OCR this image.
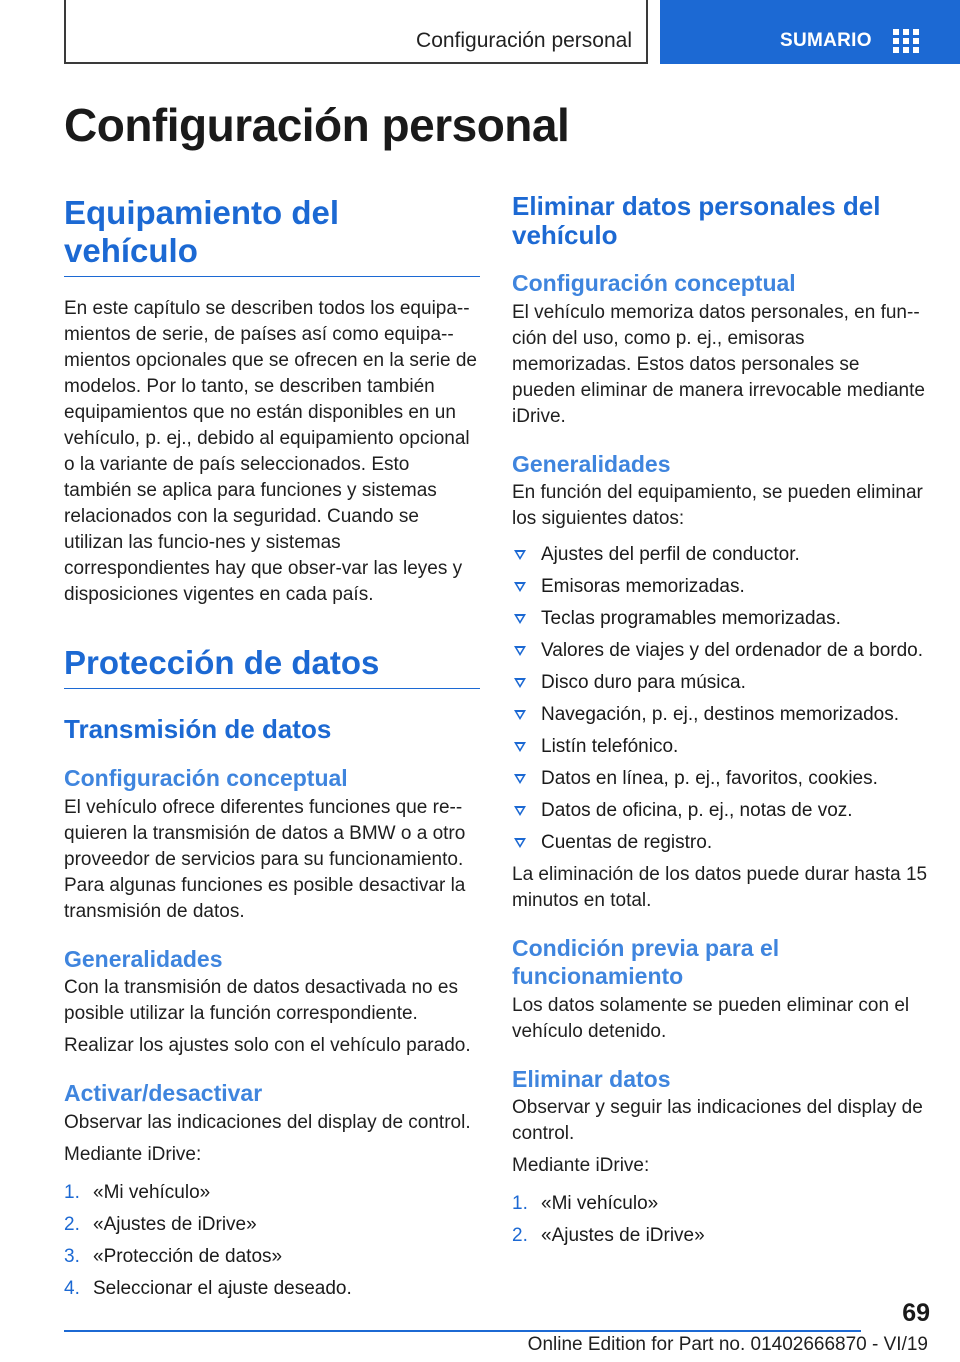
Configuración personal	SUMARIO
Configuración personal
Equipamiento del vehículo

En este capítulo se describen todos los equipa-mientos de serie, de países así como equipa-mientos opcionales que se ofrecen en la serie de modelos. Por lo tanto, se describen también equipamientos que no están disponibles en un vehículo, p. ej., debido al equipamiento opcional o la variante de país seleccionados. Esto también se aplica para funciones y sistemas relacionados con la seguridad. Cuando se utilizan las funcio-nes y sistemas correspondientes hay que obser-var las leyes y disposiciones vigentes en cada país.

Protección de datos
Transmisión de datos
Configuración conceptual

El vehículo ofrece diferentes funciones que re-quieren la transmisión de datos a BMW o a otro proveedor de servicios para su funcionamiento. Para algunas funciones es posible desactivar la transmisión de datos.

Generalidades

Con la transmisión de datos desactivada no es posible utilizar la función correspondiente.

Realizar los ajustes solo con el vehículo parado.

Activar/desactivar

Observar las indicaciones del display de control.

Mediante iDrive:

1. «Mi vehículo»
2. «Ajustes de iDrive»
3. «Protección de datos»
4. Seleccionar el ajuste deseado.
Eliminar datos personales del vehículo
Configuración conceptual

El vehículo memoriza datos personales, en fun-ción del uso, como p. ej., emisoras memorizadas. Estos datos personales se pueden eliminar de manera irrevocable mediante iDrive.

Generalidades

En función del equipamiento, se pueden eliminar los siguientes datos:

Ajustes del perfil de conductor.
Emisoras memorizadas.
Teclas programables memorizadas.
Valores de viajes y del ordenador de a bordo.
Disco duro para música.
Navegación, p. ej., destinos memorizados.
Listín telefónico.
Datos en línea, p. ej., favoritos, cookies.
Datos de oficina, p. ej., notas de voz.
Cuentas de registro.

La eliminación de los datos puede durar hasta 15 minutos en total.

Condición previa para el funcionamiento

Los datos solamente se pueden eliminar con el vehículo detenido.

Eliminar datos

Observar y seguir las indicaciones del display de control.

Mediante iDrive:

1. «Mi vehículo»
2. «Ajustes de iDrive»
69
Online Edition for Part no. 01402666870 - VI/19
